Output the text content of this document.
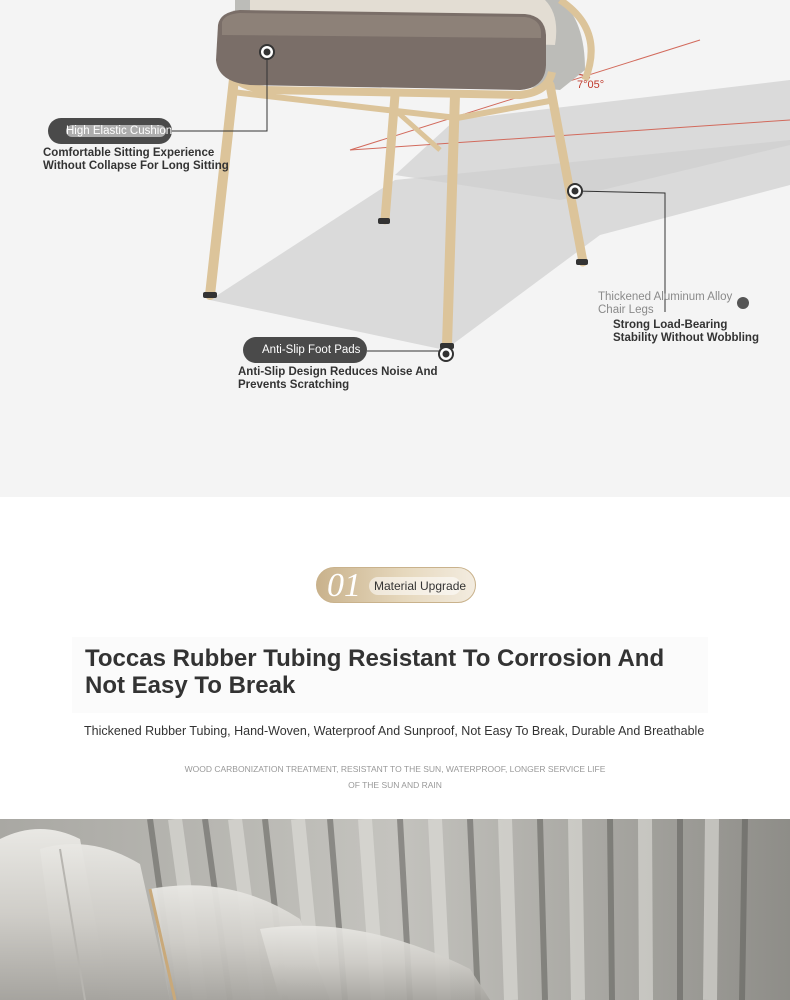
7°05°
High Elastic Cushion
Comfortable Sitting Experience
Without Collapse For Long Sitting
Anti-Slip Foot Pads
Anti-Slip Design Reduces Noise And
Prevents Scratching
Thickened Aluminum Alloy
Chair Legs
Strong Load-Bearing
Stability Without Wobbling
01 Material Upgrade
Toccas Rubber Tubing Resistant To Corrosion And
Not Easy To Break
Thickened Rubber Tubing, Hand-Woven, Waterproof And Sunproof, Not Easy To Break, Durable And Breathable
WOOD CARBONIZATION TREATMENT, RESISTANT TO THE SUN, WATERPROOF, LONGER SERVICE LIFE
OF THE SUN AND RAIN
